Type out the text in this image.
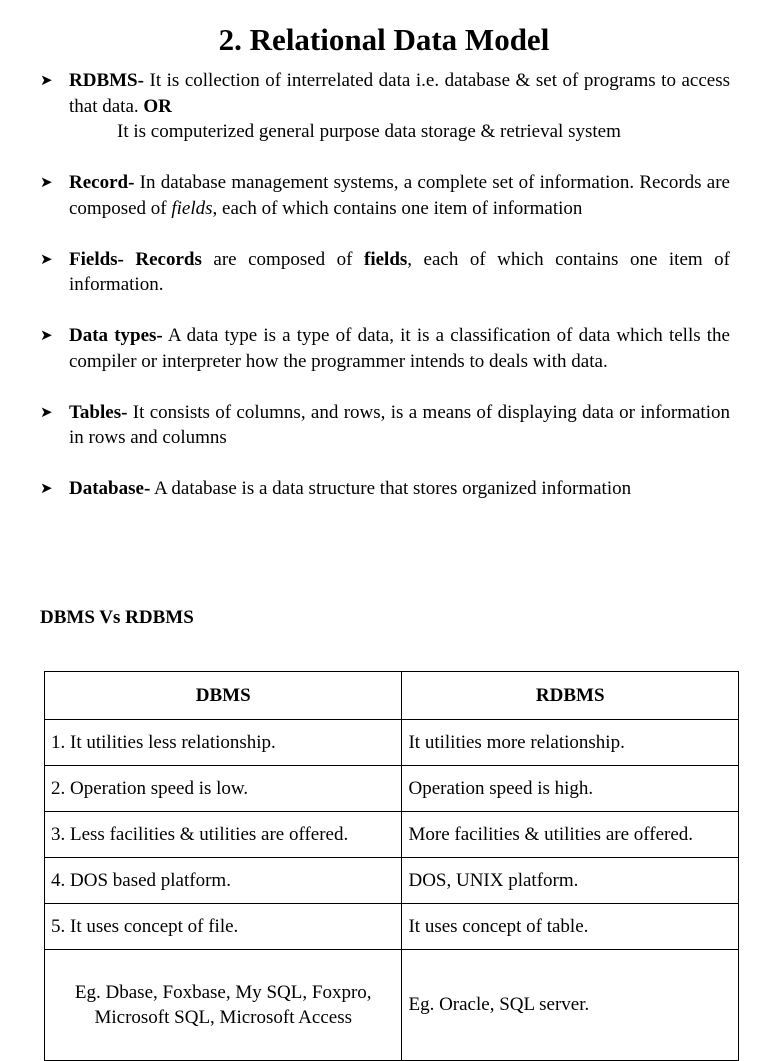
2. Relational Data Model
➤ RDBMS- It is collection of interrelated data i.e. database & set of programs to access that data. OR
It is computerized general purpose data storage & retrieval system
➤ Record- In database management systems, a complete set of information. Records are composed of fields, each of which contains one item of information
➤ Fields- Records are composed of fields, each of which contains one item of information.
➤ Data types- A data type is a type of data, it is a classification of data which tells the compiler or interpreter how the programmer intends to deals with data.
➤ Tables- It consists of columns, and rows, is a means of displaying data or information in rows and columns
➤ Database- A database is a data structure that stores organized information
DBMS Vs RDBMS
DBMS	RDBMS
1. It utilities less relationship.	It utilities more relationship.
2. Operation speed is low.	Operation speed is high.
3. Less facilities & utilities are offered.	More facilities & utilities are offered.
4. DOS based platform.	DOS, UNIX platform.
5. It uses concept of file.	It uses concept of table.
Eg. Dbase, Foxbase, My SQL, Foxpro, Microsoft SQL, Microsoft Access	Eg. Oracle, SQL server.
